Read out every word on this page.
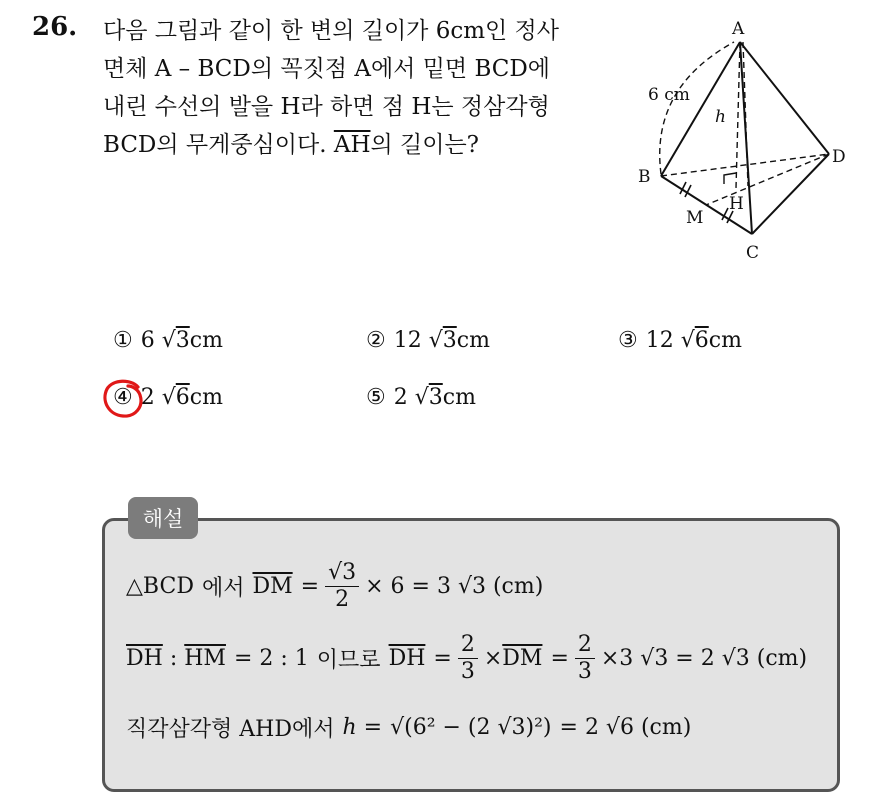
26. 다음 그림과 같이 한 변의 길이가 6cm인 정사
면체 A – BCD의 꼭짓점 A에서 밑면 BCD에
내린 수선의 발을 H라 하면 점 H는 정삼각형
BCD의 무게중심이다. $\overline{AH}$의 길이는?
A
B
C
D
H
M
6 cm
h
① 6 √3cm	② 12 √3cm	③ 12 √6cm
④ 2 √6cm	⑤ 2 √3cm
해설
△BCD 에서 $\overline{DM} = \frac{√3}{2} \times 6 = 3$ √3 (cm)
$\overline{DH}$
:
$\overline{HM} = 2$ : 1 이므로 $\overline{DH} = \frac{2}{3} \times \overline{DM} = \frac{2}{3} \times 3$ √3 = 2 √3 (cm)
직각삼각형 AHD에서 h = √(6² − (2 √3)²) = 2 √6 (cm)
